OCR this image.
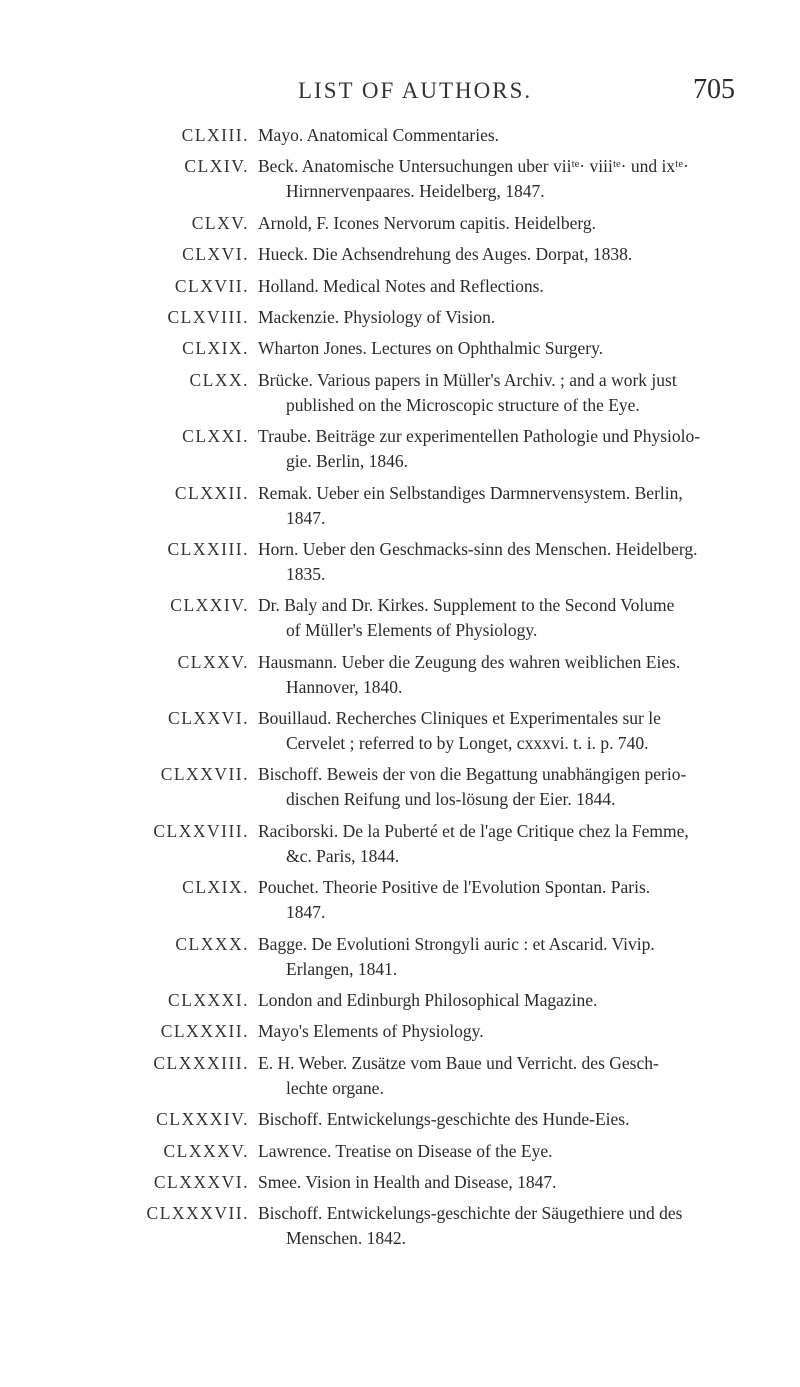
LIST OF AUTHORS.	705
CLXIII. Mayo. Anatomical Commentaries.
CLXIV. Beck. Anatomische Untersuchungen uber viiᵗᵉ· viiiᵗᵉ· und ixᵗᵉ·
Hirnnervenpaares. Heidelberg, 1847.
CLXV. Arnold, F. Icones Nervorum capitis. Heidelberg.
CLXVI. Hueck. Die Achsendrehung des Auges. Dorpat, 1838.
CLXVII. Holland. Medical Notes and Reflections.
CLXVIII. Mackenzie. Physiology of Vision.
CLXIX. Wharton Jones. Lectures on Ophthalmic Surgery.
CLXX. Brücke. Various papers in Müller's Archiv. ; and a work just
published on the Microscopic structure of the Eye.
CLXXI. Traube. Beiträge zur experimentellen Pathologie und Physiolo-
gie. Berlin, 1846.
CLXXII. Remak. Ueber ein Selbstandiges Darmnervensystem. Berlin,
1847.
CLXXIII. Horn. Ueber den Geschmacks-sinn des Menschen. Heidelberg.
1835.
CLXXIV. Dr. Baly and Dr. Kirkes. Supplement to the Second Volume
of Müller's Elements of Physiology.
CLXXV. Hausmann. Ueber die Zeugung des wahren weiblichen Eies.
Hannover, 1840.
CLXXVI. Bouillaud. Recherches Cliniques et Experimentales sur le
Cervelet ; referred to by Longet, cxxxvi. t. i. p. 740.
CLXXVII. Bischoff. Beweis der von die Begattung unabhängigen perio-
dischen Reifung und los-lösung der Eier. 1844.
CLXXVIII. Raciborski. De la Puberté et de l'age Critique chez la Femme,
&c. Paris, 1844.
CLXIX. Pouchet. Theorie Positive de l'Evolution Spontan. Paris.
1847.
CLXXX. Bagge. De Evolutioni Strongyli auric : et Ascarid. Vivip.
Erlangen, 1841.
CLXXXI. London and Edinburgh Philosophical Magazine.
CLXXXII. Mayo's Elements of Physiology.
CLXXXIII. E. H. Weber. Zusätze vom Baue und Verricht. des Gesch-
lechte organe.
CLXXXIV. Bischoff. Entwickelungs-geschichte des Hunde-Eies.
CLXXXV. Lawrence. Treatise on Disease of the Eye.
CLXXXVI. Smee. Vision in Health and Disease, 1847.
CLXXXVII. Bischoff. Entwickelungs-geschichte der Säugethiere und des
Menschen. 1842.
